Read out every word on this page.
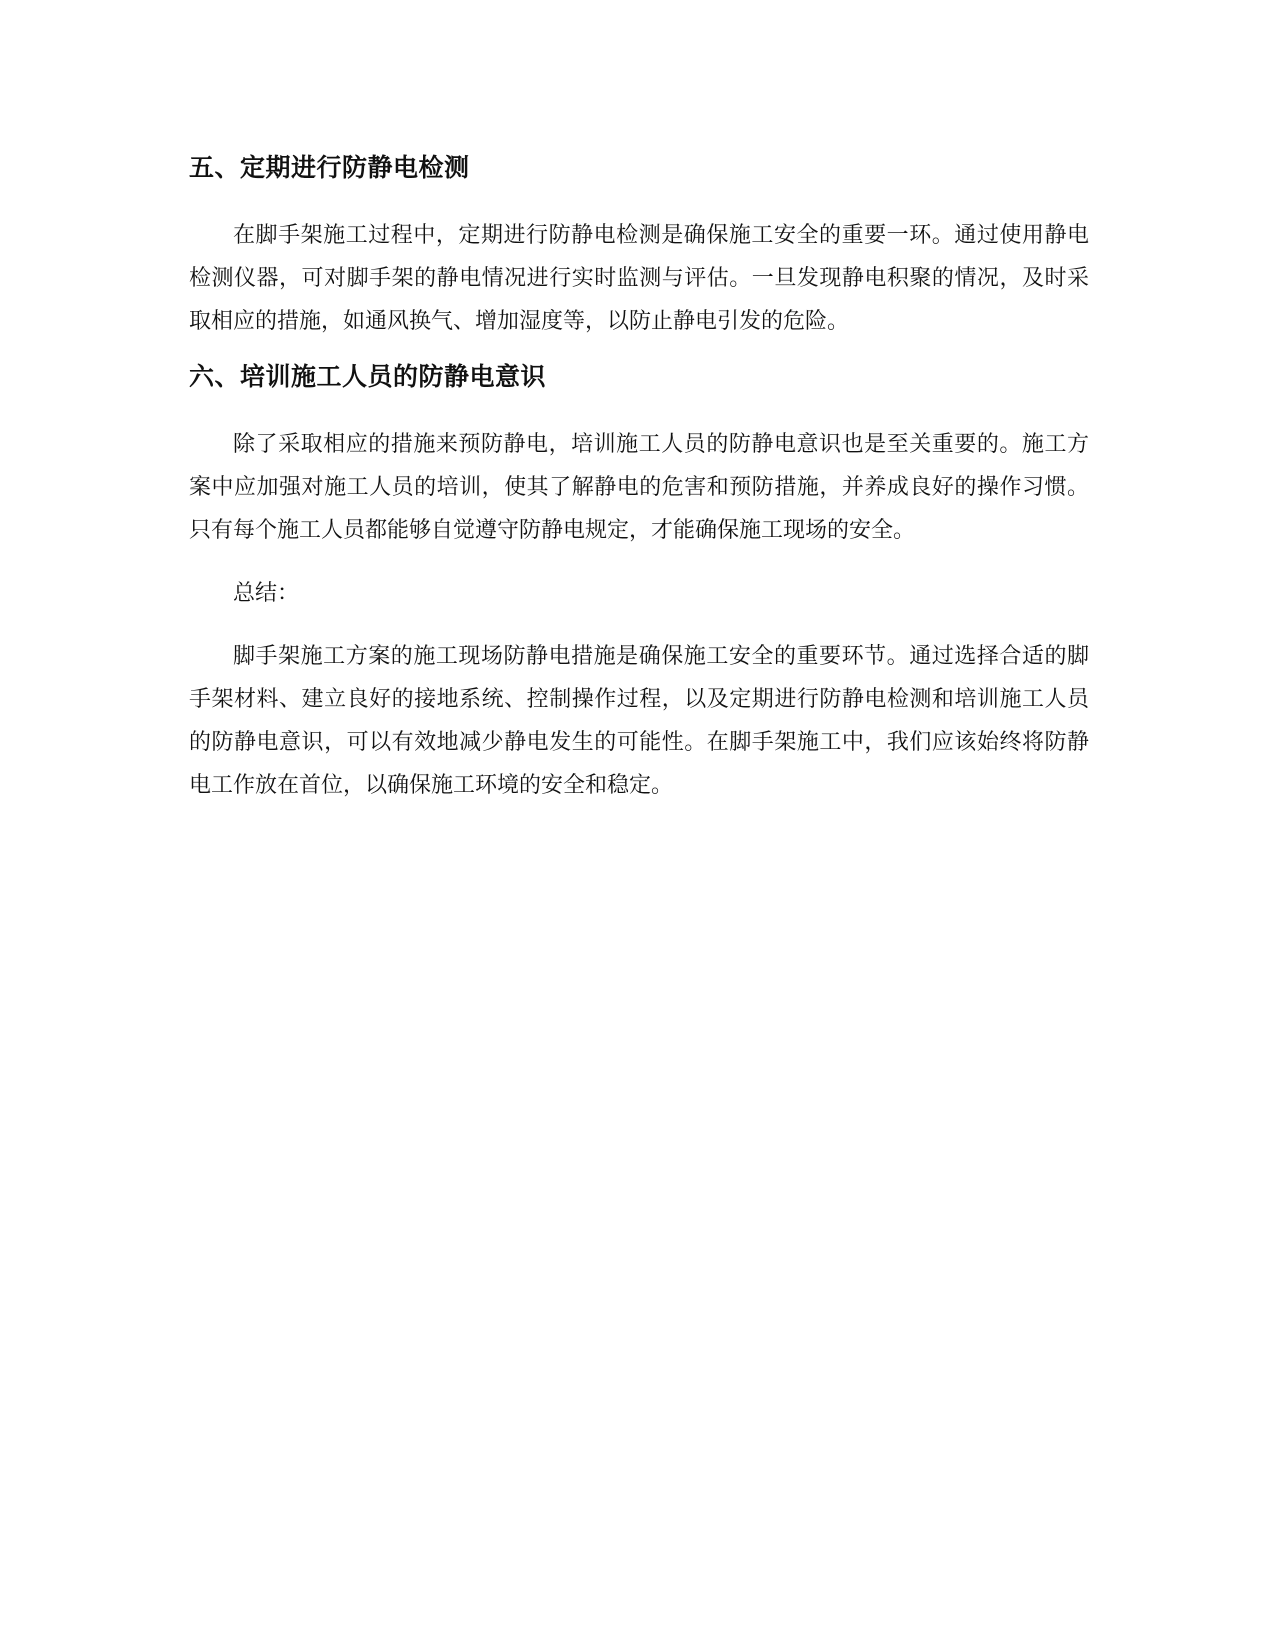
五、定期进行防静电检测

在脚手架施工过程中，定期进行防静电检测是确保施工安全的重要一环。通过使用静电检测仪器，可对脚手架的静电情况进行实时监测与评估。一旦发现静电积聚的情况，及时采取相应的措施，如通风换气、增加湿度等，以防止静电引发的危险。

六、培训施工人员的防静电意识

除了采取相应的措施来预防静电，培训施工人员的防静电意识也是至关重要的。施工方案中应加强对施工人员的培训，使其了解静电的危害和预防措施，并养成良好的操作习惯。只有每个施工人员都能够自觉遵守防静电规定，才能确保施工现场的安全。

总结：

脚手架施工方案的施工现场防静电措施是确保施工安全的重要环节。通过选择合适的脚手架材料、建立良好的接地系统、控制操作过程，以及定期进行防静电检测和培训施工人员的防静电意识，可以有效地减少静电发生的可能性。在脚手架施工中，我们应该始终将防静电工作放在首位，以确保施工环境的安全和稳定。
